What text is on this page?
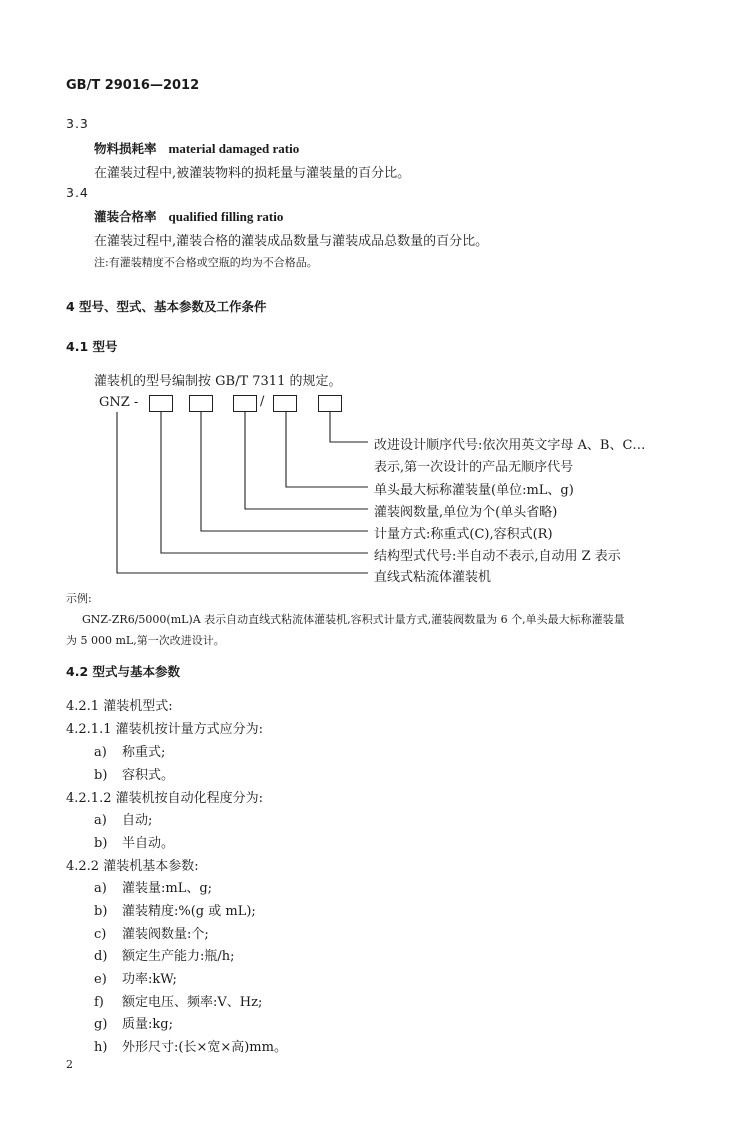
GB/T 29016—2012
3.3
物料损耗率 material damaged ratio
在灌装过程中,被灌装物料的损耗量与灌装量的百分比。
3.4
灌装合格率 qualified filling ratio
在灌装过程中,灌装合格的灌装成品数量与灌装成品总数量的百分比。
注:有灌装精度不合格或空瓶的均为不合格品。
4 型号、型式、基本参数及工作条件
4.1 型号
灌装机的型号编制按 GB/T 7311 的规定。
GNZ -	/
改进设计顺序代号:依次用英文字母 A、B、C…
表示,第一次设计的产品无顺序代号
单头最大标称灌装量(单位:mL、g)
灌装阀数量,单位为个(单头省略)
计量方式:称重式(C),容积式(R)
结构型式代号:半自动不表示,自动用 Z 表示
直线式粘流体灌装机
示例:
GNZ-ZR6/5000(mL)A 表示自动直线式粘流体灌装机,容积式计量方式,灌装阀数量为 6 个,单头最大标称灌装量
为 5 000 mL,第一次改进设计。
4.2 型式与基本参数
4.2.1 灌装机型式:
4.2.1.1 灌装机按计量方式应分为:
a) 称重式;
b) 容积式。
4.2.1.2 灌装机按自动化程度分为:
a) 自动;
b) 半自动。
4.2.2 灌装机基本参数:
a) 灌装量:mL、g;
b) 灌装精度:%(g 或 mL);
c) 灌装阀数量:个;
d) 额定生产能力:瓶/h;
e) 功率:kW;
f) 额定电压、频率:V、Hz;
g) 质量:kg;
h) 外形尺寸:(长×宽×高)mm。
2
